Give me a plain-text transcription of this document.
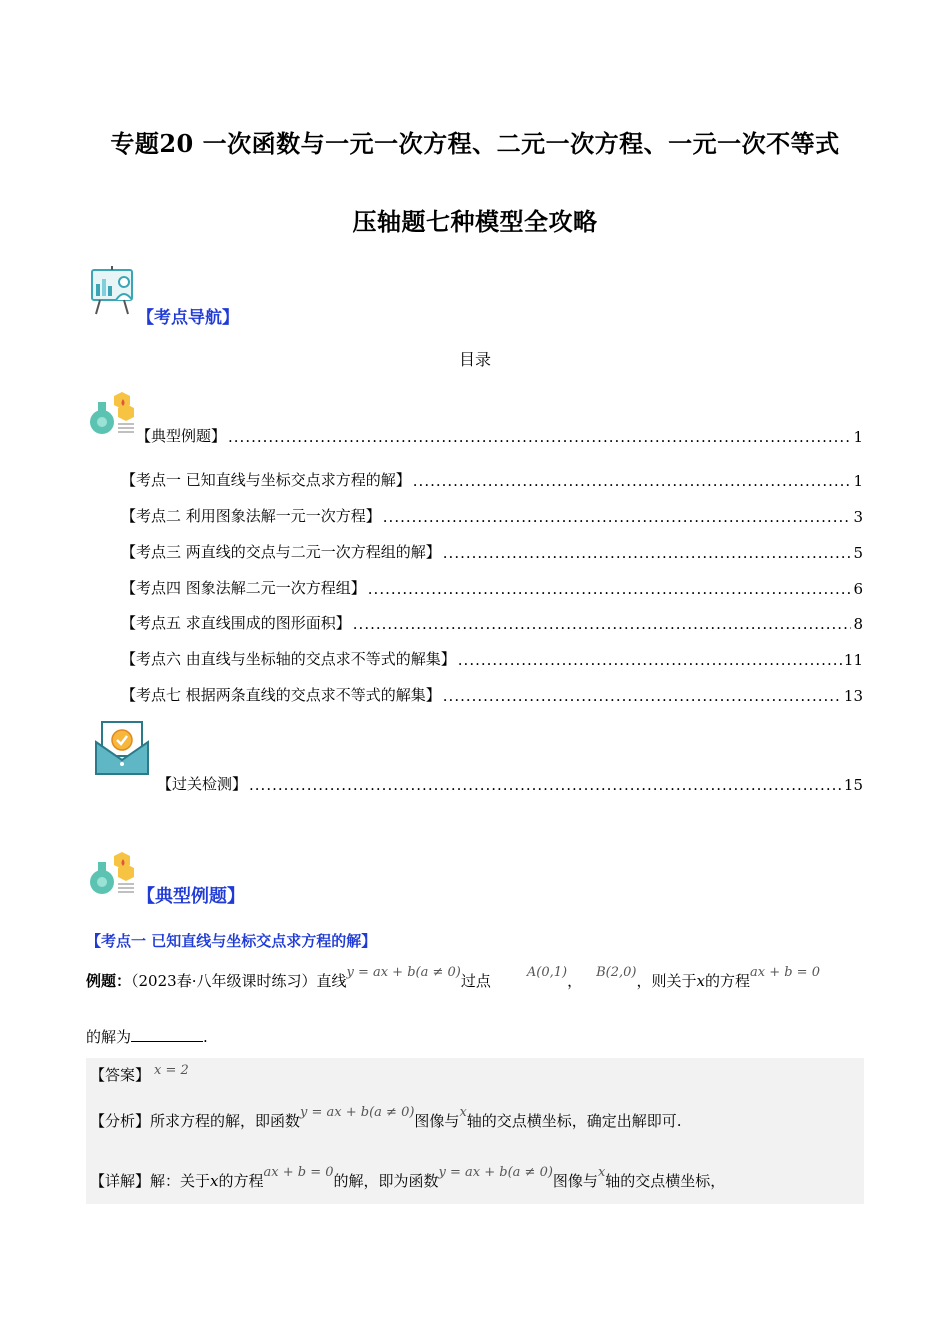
专题20 一次函数与一元一次方程、二元一次方程、一元一次不等式
压轴题七种模型全攻略
【考点导航】
目录
【典型例题】 .....	1
【考点一 已知直线与坐标交点求方程的解】 .....	1
【考点二 利用图象法解一元一次方程】 .....	3
【考点三 两直线的交点与二元一次方程组的解】 .....	5
【考点四 图象法解二元一次方程组】 .....	6
【考点五 求直线围成的图形面积】 .....	8
【考点六 由直线与坐标轴的交点求不等式的解集】 .....	11
【考点七 根据两条直线的交点求不等式的解集】 .....	13
【过关检测】 .....	15
【典型例题】
【考点一 已知直线与坐标交点求方程的解】
例题：（2023春·八年级课时练习）直线y = ax + b(a ≠ 0)过点	A(0,1)， B(2,0)，则关于x的方程ax + b = 0
的解为	.
【答案】 x = 2
【分析】所求方程的解，即函数y = ax + b(a ≠ 0)图像与x轴的交点横坐标，确定出解即可.
【详解】解：关于x的方程ax + b = 0的解，即为函数y = ax + b(a ≠ 0)图像与x轴的交点横坐标，
